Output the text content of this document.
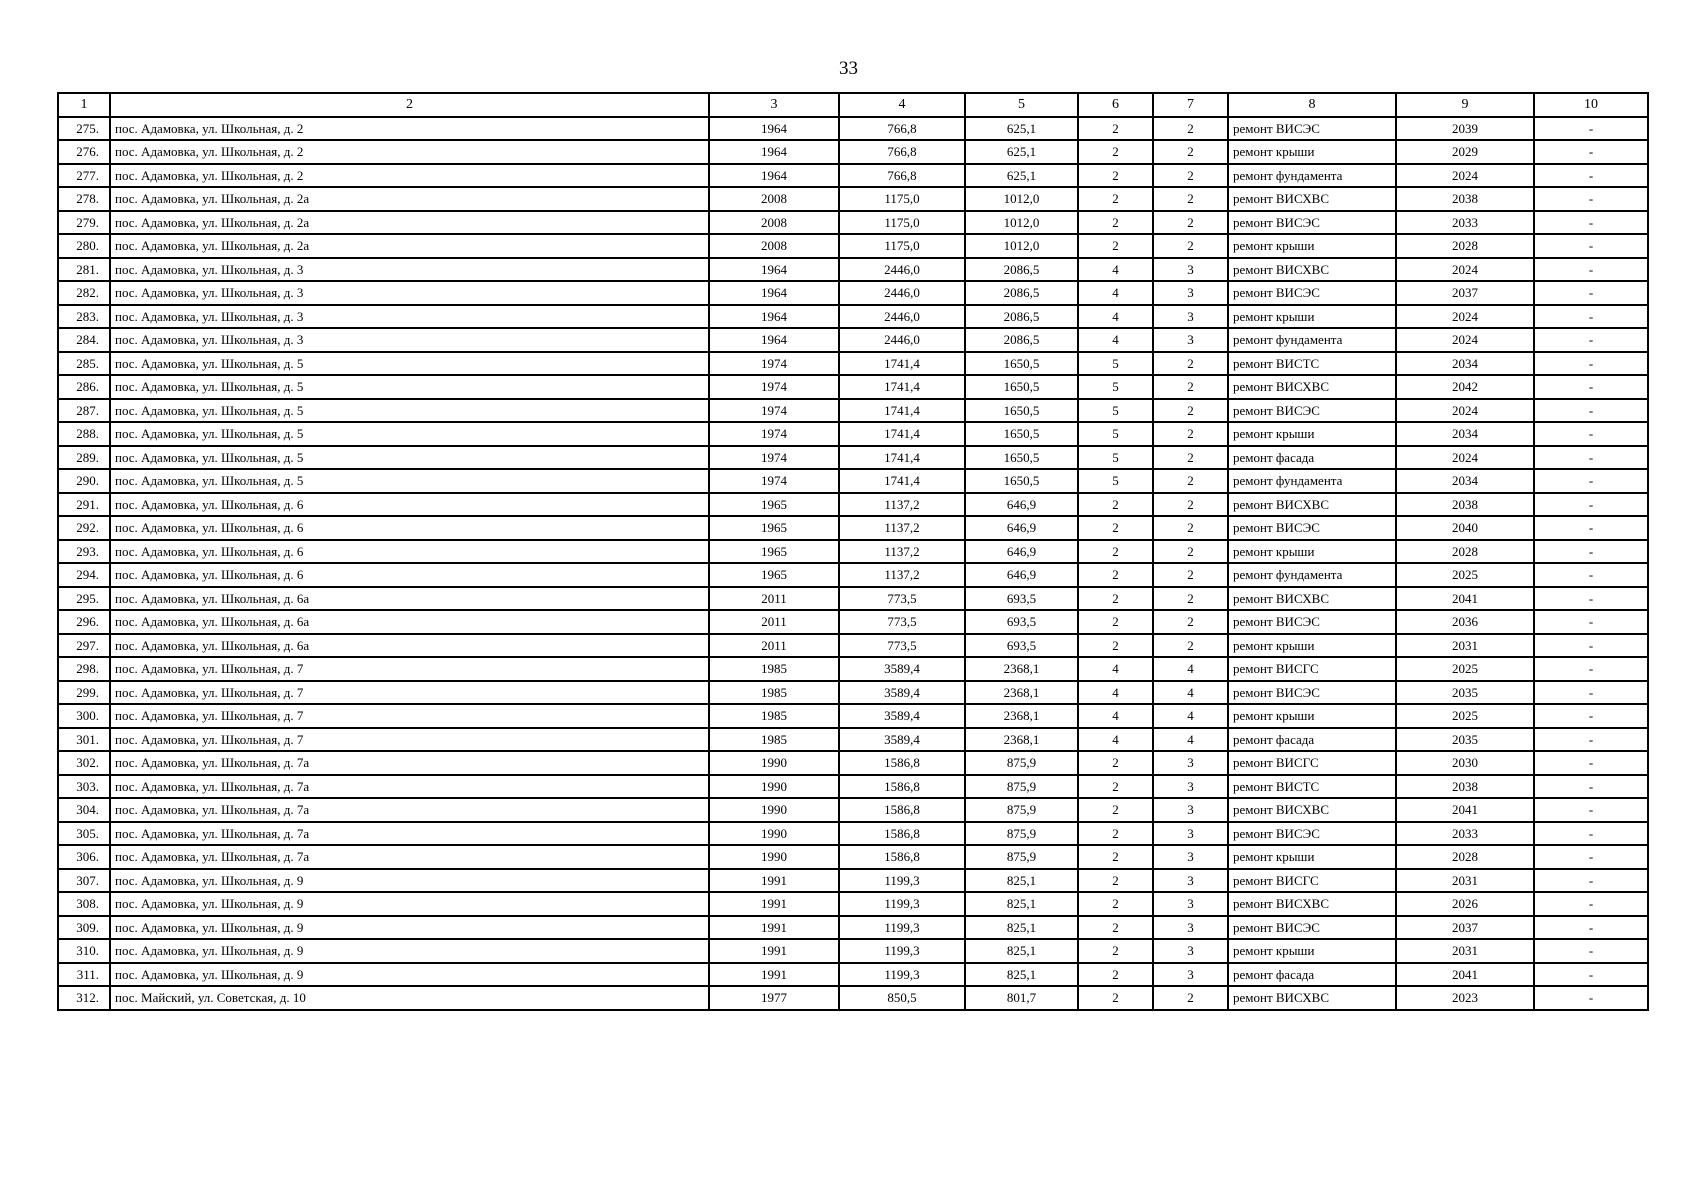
33
1	2	3	4	5	6	7	8	9	10
275.	пос. Адамовка, ул. Школьная, д. 2	1964	766,8	625,1	2	2	ремонт ВИСЭС	2039	-
276.	пос. Адамовка, ул. Школьная, д. 2	1964	766,8	625,1	2	2	ремонт крыши	2029	-
277.	пос. Адамовка, ул. Школьная, д. 2	1964	766,8	625,1	2	2	ремонт фундамента	2024	-
278.	пос. Адамовка, ул. Школьная, д. 2а	2008	1175,0	1012,0	2	2	ремонт ВИСХВС	2038	-
279.	пос. Адамовка, ул. Школьная, д. 2а	2008	1175,0	1012,0	2	2	ремонт ВИСЭС	2033	-
280.	пос. Адамовка, ул. Школьная, д. 2а	2008	1175,0	1012,0	2	2	ремонт крыши	2028	-
281.	пос. Адамовка, ул. Школьная, д. 3	1964	2446,0	2086,5	4	3	ремонт ВИСХВС	2024	-
282.	пос. Адамовка, ул. Школьная, д. 3	1964	2446,0	2086,5	4	3	ремонт ВИСЭС	2037	-
283.	пос. Адамовка, ул. Школьная, д. 3	1964	2446,0	2086,5	4	3	ремонт крыши	2024	-
284.	пос. Адамовка, ул. Школьная, д. 3	1964	2446,0	2086,5	4	3	ремонт фундамента	2024	-
285.	пос. Адамовка, ул. Школьная, д. 5	1974	1741,4	1650,5	5	2	ремонт ВИСТС	2034	-
286.	пос. Адамовка, ул. Школьная, д. 5	1974	1741,4	1650,5	5	2	ремонт ВИСХВС	2042	-
287.	пос. Адамовка, ул. Школьная, д. 5	1974	1741,4	1650,5	5	2	ремонт ВИСЭС	2024	-
288.	пос. Адамовка, ул. Школьная, д. 5	1974	1741,4	1650,5	5	2	ремонт крыши	2034	-
289.	пос. Адамовка, ул. Школьная, д. 5	1974	1741,4	1650,5	5	2	ремонт фасада	2024	-
290.	пос. Адамовка, ул. Школьная, д. 5	1974	1741,4	1650,5	5	2	ремонт фундамента	2034	-
291.	пос. Адамовка, ул. Школьная, д. 6	1965	1137,2	646,9	2	2	ремонт ВИСХВС	2038	-
292.	пос. Адамовка, ул. Школьная, д. 6	1965	1137,2	646,9	2	2	ремонт ВИСЭС	2040	-
293.	пос. Адамовка, ул. Школьная, д. 6	1965	1137,2	646,9	2	2	ремонт крыши	2028	-
294.	пос. Адамовка, ул. Школьная, д. 6	1965	1137,2	646,9	2	2	ремонт фундамента	2025	-
295.	пос. Адамовка, ул. Школьная, д. 6а	2011	773,5	693,5	2	2	ремонт ВИСХВС	2041	-
296.	пос. Адамовка, ул. Школьная, д. 6а	2011	773,5	693,5	2	2	ремонт ВИСЭС	2036	-
297.	пос. Адамовка, ул. Школьная, д. 6а	2011	773,5	693,5	2	2	ремонт крыши	2031	-
298.	пос. Адамовка, ул. Школьная, д. 7	1985	3589,4	2368,1	4	4	ремонт ВИСГС	2025	-
299.	пос. Адамовка, ул. Школьная, д. 7	1985	3589,4	2368,1	4	4	ремонт ВИСЭС	2035	-
300.	пос. Адамовка, ул. Школьная, д. 7	1985	3589,4	2368,1	4	4	ремонт крыши	2025	-
301.	пос. Адамовка, ул. Школьная, д. 7	1985	3589,4	2368,1	4	4	ремонт фасада	2035	-
302.	пос. Адамовка, ул. Школьная, д. 7а	1990	1586,8	875,9	2	3	ремонт ВИСГС	2030	-
303.	пос. Адамовка, ул. Школьная, д. 7а	1990	1586,8	875,9	2	3	ремонт ВИСТС	2038	-
304.	пос. Адамовка, ул. Школьная, д. 7а	1990	1586,8	875,9	2	3	ремонт ВИСХВС	2041	-
305.	пос. Адамовка, ул. Школьная, д. 7а	1990	1586,8	875,9	2	3	ремонт ВИСЭС	2033	-
306.	пос. Адамовка, ул. Школьная, д. 7а	1990	1586,8	875,9	2	3	ремонт крыши	2028	-
307.	пос. Адамовка, ул. Школьная, д. 9	1991	1199,3	825,1	2	3	ремонт ВИСГС	2031	-
308.	пос. Адамовка, ул. Школьная, д. 9	1991	1199,3	825,1	2	3	ремонт ВИСХВС	2026	-
309.	пос. Адамовка, ул. Школьная, д. 9	1991	1199,3	825,1	2	3	ремонт ВИСЭС	2037	-
310.	пос. Адамовка, ул. Школьная, д. 9	1991	1199,3	825,1	2	3	ремонт крыши	2031	-
311.	пос. Адамовка, ул. Школьная, д. 9	1991	1199,3	825,1	2	3	ремонт фасада	2041	-
312.	пос. Майский, ул. Советская, д. 10	1977	850,5	801,7	2	2	ремонт ВИСХВС	2023	-
